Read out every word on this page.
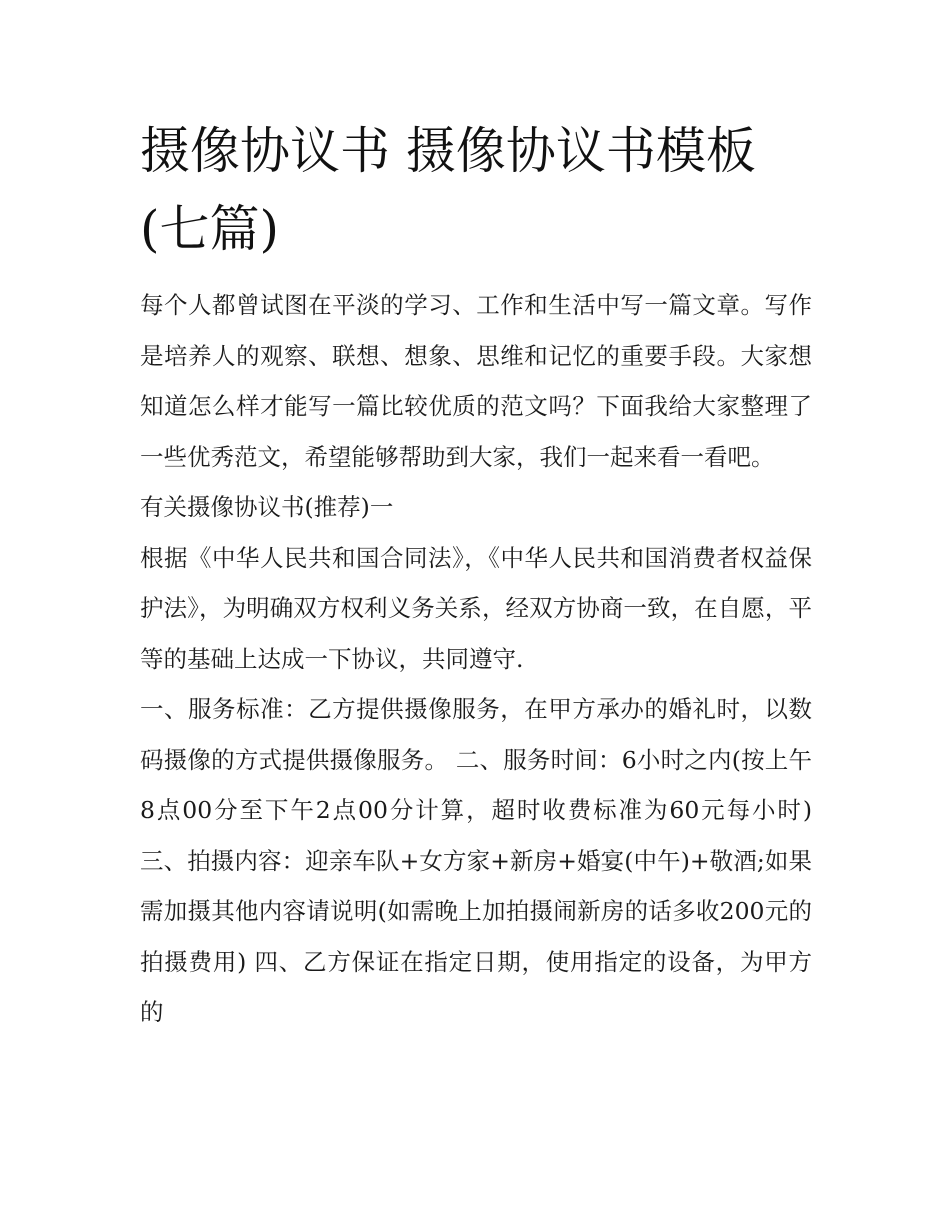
摄像协议书 摄像协议书模板
(七篇)

每个人都曾试图在平淡的学习、工作和生活中写一篇文章。写作是培养人的观察、联想、想象、思维和记忆的重要手段。大家想知道怎么样才能写一篇比较优质的范文吗？下面我给大家整理了一些优秀范文，希望能够帮助到大家，我们一起来看一看吧。

有关摄像协议书(推荐)一

根据《中华人民共和国合同法》，《中华人民共和国消费者权益保护法》，为明确双方权利义务关系，经双方协商一致，在自愿，平等的基础上达成一下协议，共同遵守.

一、服务标准：乙方提供摄像服务，在甲方承办的婚礼时，以数码摄像的方式提供摄像服务。 二、服务时间：6小时之内(按上午8点00分至下午2点00分计算，超时收费标准为60元每小时) 三、拍摄内容：迎亲车队+女方家+新房+婚宴(中午)+敬酒;如果需加摄其他内容请说明(如需晚上加拍摄闹新房的话多收200元的拍摄费用) 四、乙方保证在指定日期，使用指定的设备，为甲方的
